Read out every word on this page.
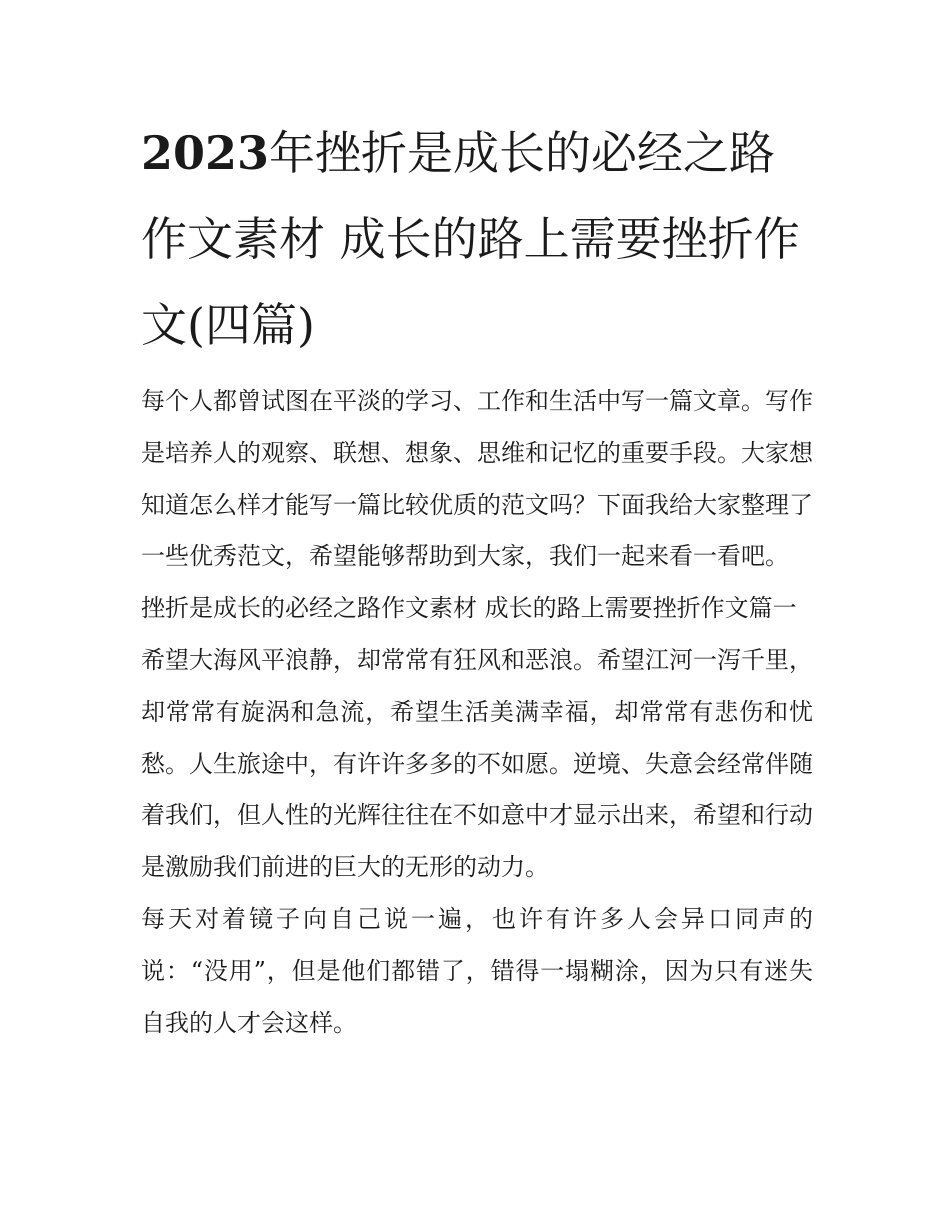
2023年挫折是成长的必经之路作文素材 成长的路上需要挫折作文(四篇)

每个人都曾试图在平淡的学习、工作和生活中写一篇文章。写作是培养人的观察、联想、想象、思维和记忆的重要手段。大家想知道怎么样才能写一篇比较优质的范文吗？下面我给大家整理了一些优秀范文，希望能够帮助到大家，我们一起来看一看吧。

挫折是成长的必经之路作文素材 成长的路上需要挫折作文篇一

希望大海风平浪静，却常常有狂风和恶浪。希望江河一泻千里，却常常有旋涡和急流，希望生活美满幸福，却常常有悲伤和忧愁。人生旅途中，有许许多多的不如愿。逆境、失意会经常伴随着我们，但人性的光辉往往在不如意中才显示出来，希望和行动是激励我们前进的巨大的无形的动力。

每天对着镜子向自己说一遍，也许有许多人会异口同声的说：“没用”，但是他们都错了，错得一塌糊涂，因为只有迷失自我的人才会这样。
